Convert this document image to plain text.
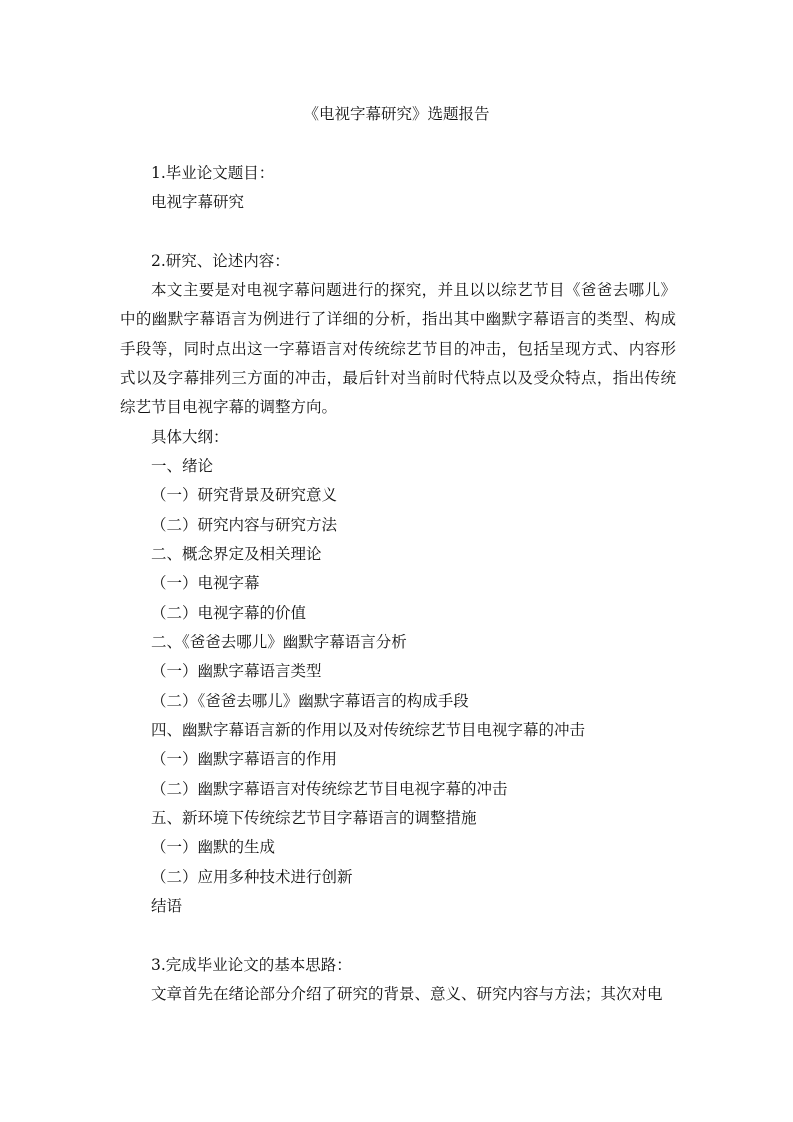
《电视字幕研究》选题报告
1.毕业论文题目：
电视字幕研究
2.研究、论述内容：
本文主要是对电视字幕问题进行的探究，并且以以综艺节目《爸爸去哪儿》中的幽默字幕语言为例进行了详细的分析，指出其中幽默字幕语言的类型、构成手段等，同时点出这一字幕语言对传统综艺节目的冲击，包括呈现方式、内容形式以及字幕排列三方面的冲击，最后针对当前时代特点以及受众特点，指出传统综艺节目电视字幕的调整方向。
具体大纲：
一、绪论
（一）研究背景及研究意义
（二）研究内容与研究方法
二、概念界定及相关理论
（一）电视字幕
（二）电视字幕的价值
二、《爸爸去哪儿》幽默字幕语言分析
（一）幽默字幕语言类型
（二）《爸爸去哪儿》幽默字幕语言的构成手段
四、幽默字幕语言新的作用以及对传统综艺节目电视字幕的冲击
（一）幽默字幕语言的作用
（二）幽默字幕语言对传统综艺节目电视字幕的冲击
五、新环境下传统综艺节目字幕语言的调整措施
（一）幽默的生成
（二）应用多种技术进行创新
结语
3.完成毕业论文的基本思路：
文章首先在绪论部分介绍了研究的背景、意义、研究内容与方法；其次对电
